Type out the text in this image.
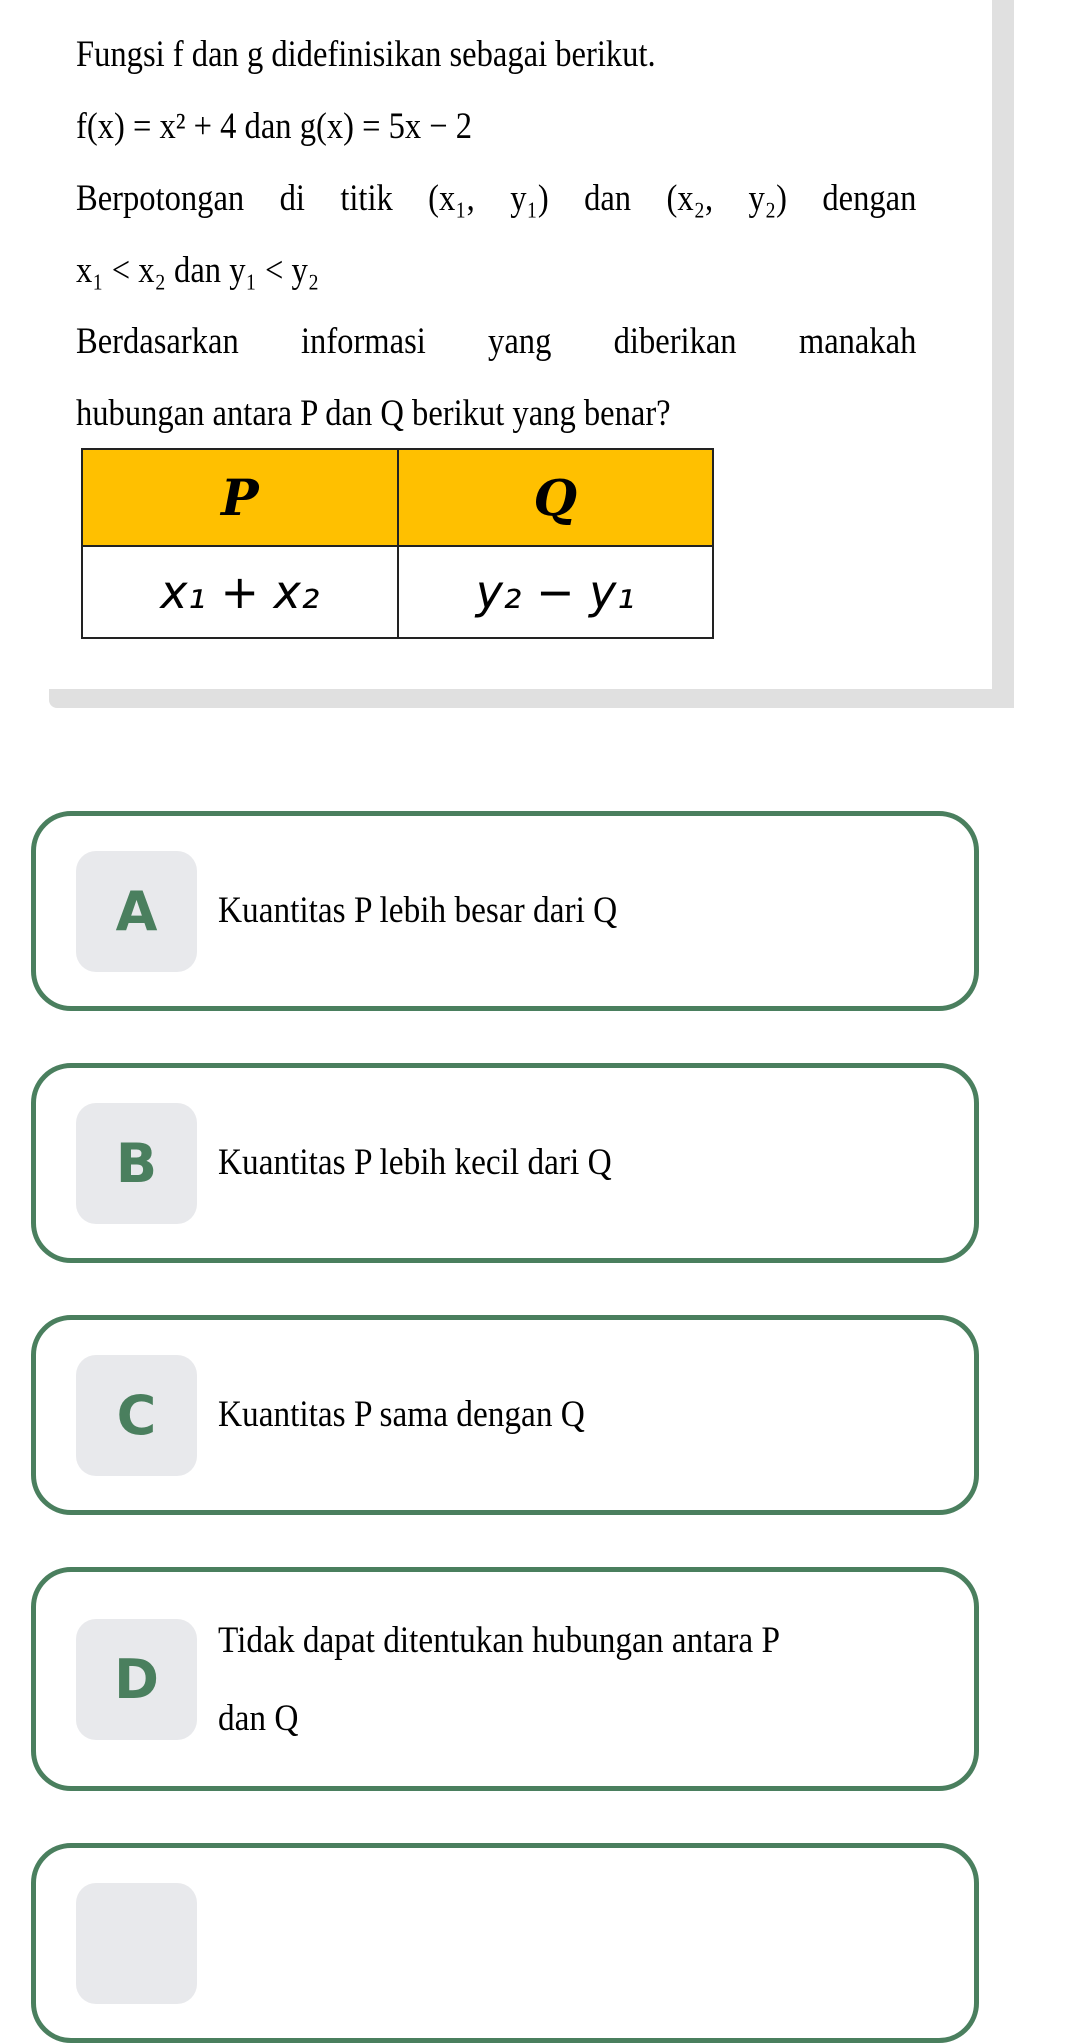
Fungsi f dan g didefinisikan sebagai berikut.
f(x) = x² + 4 dan g(x) = 5x − 2
Berpotongan di titik (x₁, y₁) dan (x₂, y₂) dengan
x₁ < x₂ dan y₁ < y₂
Berdasarkan informasi yang diberikan manakah
hubungan antara P dan Q berikut yang benar?
P	Q
x₁ + x₂	y₂ − y₁
A	Kuantitas P lebih besar dari Q
B	Kuantitas P lebih kecil dari Q
C	Kuantitas P sama dengan Q
D
Tidak dapat ditentukan hubungan antara P
dan Q
